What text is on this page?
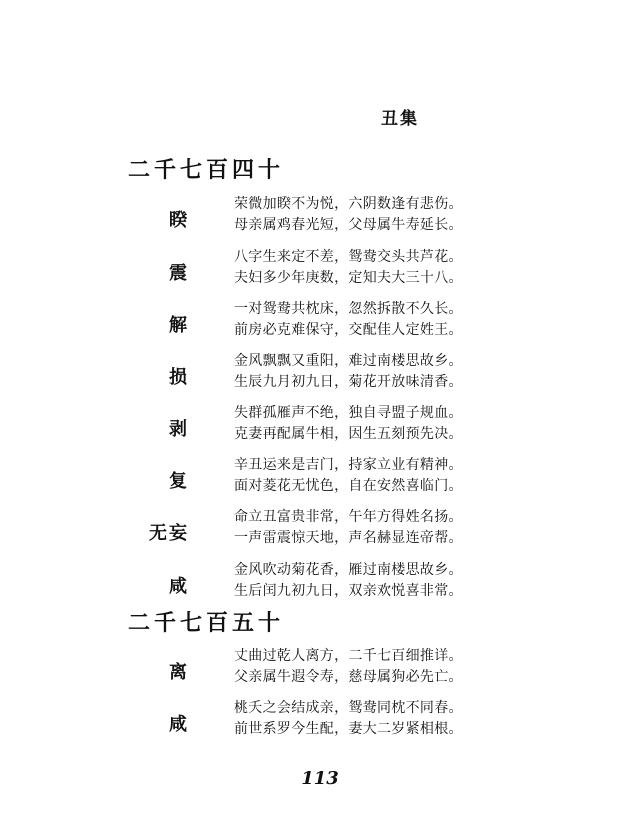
丑集
二千七百四十
睽
荣微加睽不为悦，六阴数逢有悲伤。
母亲属鸡春光短，父母属牛寿延长。
震
八字生来定不差，鸳鸯交头共芦花。
夫妇多少年庚数，定知夫大三十八。
解
一对鸳鸯共枕床，忽然拆散不久长。
前房必克难保守，交配佳人定姓王。
损
金风飘飘又重阳，难过南楼思故乡。
生辰九月初九日，菊花开放味清香。
剥
失群孤雁声不绝，独自寻盟子规血。
克妻再配属牛相，因生五刻预先决。
复
辛丑运来是吉门，持家立业有精神。
面对菱花无忧色，自在安然喜临门。
无妄
命立丑富贵非常，午年方得姓名扬。
一声雷震惊天地，声名赫显连帝帮。
咸
金风吹动菊花香，雁过南楼思故乡。
生后闰九初九日，双亲欢悦喜非常。
二千七百五十
离
丈曲过乾人离方，二千七百细推详。
父亲属牛遐令寿，慈母属狗必先亡。
咸
桃夭之会结成亲，鸳鸯同枕不同春。
前世系罗今生配，妻大二岁紧相根。
113
